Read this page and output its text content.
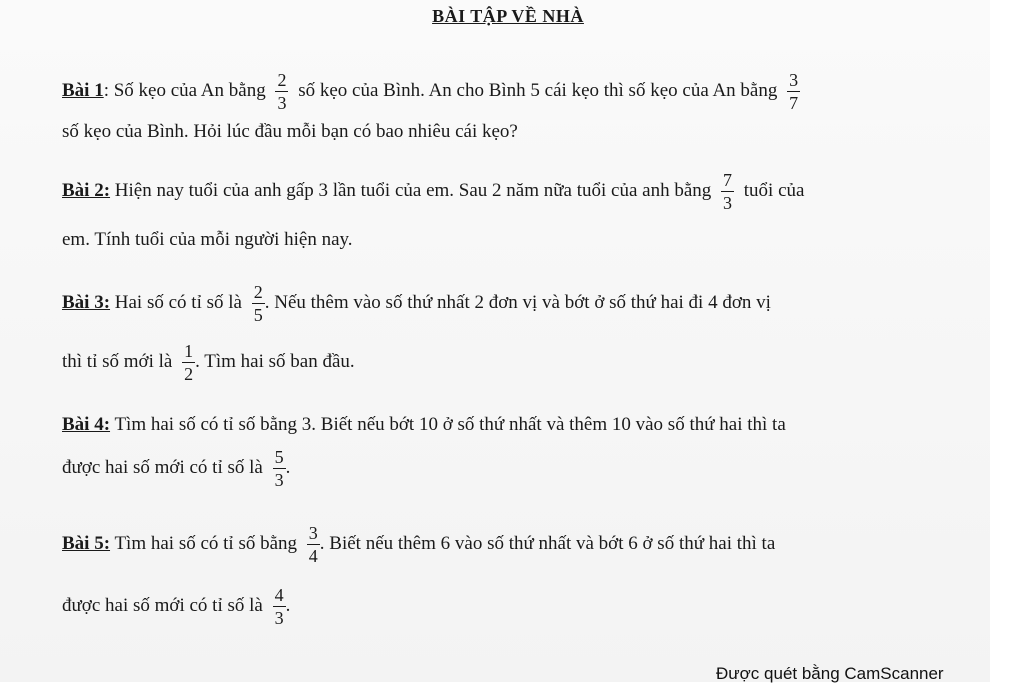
BÀI TẬP VỀ NHÀ
Bài 1: Số kẹo của An bằng $\frac{2}{3}$ số kẹo của Bình. An cho Bình 5 cái kẹo thì số kẹo của An bằng $\frac{3}{7}$
số kẹo của Bình. Hỏi lúc đầu mỗi bạn có bao nhiêu cái kẹo?
Bài 2: Hiện nay tuổi của anh gấp 3 lần tuổi của em. Sau 2 năm nữa tuổi của anh bằng $\frac{7}{3}$ tuổi của
em. Tính tuổi của mỗi người hiện nay.
Bài 3: Hai số có tỉ số là $\frac{2}{5}$ . Nếu thêm vào số thứ nhất 2 đơn vị và bớt ở số thứ hai đi 4 đơn vị
thì tỉ số mới là $\frac{1}{2}$ . Tìm hai số ban đầu.
Bài 4: Tìm hai số có tỉ số bằng 3. Biết nếu bớt 10 ở số thứ nhất và thêm 10 vào số thứ hai thì ta
được hai số mới có tỉ số là $\frac{5}{3}$ .
Bài 5: Tìm hai số có tỉ số bằng $\frac{3}{4}$ . Biết nếu thêm 6 vào số thứ nhất và bớt 6 ở số thứ hai thì ta
được hai số mới có tỉ số là $\frac{4}{3}$ .
Được quét bằng CamScanner
